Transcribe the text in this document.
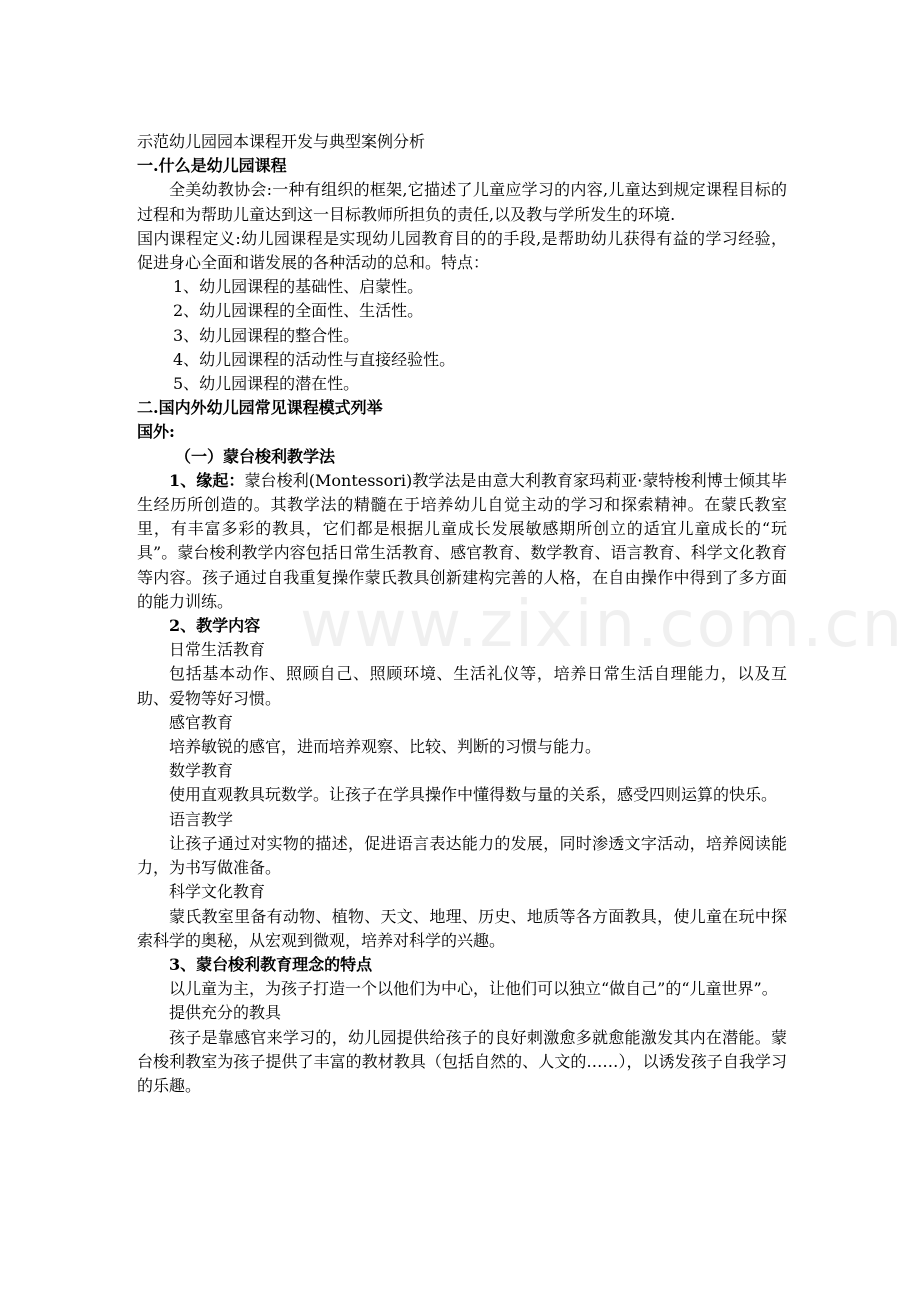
示范幼儿园园本课程开发与典型案例分析

一.什么是幼儿园课程

全美幼教协会:一种有组织的框架,它描述了儿童应学习的内容,儿童达到规定课程目标的过程和为帮助儿童达到这一目标教师所担负的责任,以及教与学所发生的环境.

国内课程定义:幼儿园课程是实现幼儿园教育目的的手段,是帮助幼儿获得有益的学习经验，促进身心全面和谐发展的各种活动的总和。特点：

1、幼儿园课程的基础性、启蒙性。

2、幼儿园课程的全面性、生活性。

3、幼儿园课程的整合性。

4、幼儿园课程的活动性与直接经验性。

5、幼儿园课程的潜在性。

二.国内外幼儿园常见课程模式列举

国外:

（一）蒙台梭利教学法

1、缘起：蒙台梭利(Montessori)教学法是由意大利教育家玛莉亚·蒙特梭利博士倾其毕生经历所创造的。其教学法的精髓在于培养幼儿自觉主动的学习和探索精神。在蒙氏教室里，有丰富多彩的教具，它们都是根据儿童成长发展敏感期所创立的适宜儿童成长的“玩具”。蒙台梭利教学内容包括日常生活教育、感官教育、数学教育、语言教育、科学文化教育等内容。孩子通过自我重复操作蒙氏教具创新建构完善的人格，在自由操作中得到了多方面的能力训练。

2、教学内容

日常生活教育

包括基本动作、照顾自己、照顾环境、生活礼仪等，培养日常生活自理能力，以及互助、爱物等好习惯。

感官教育

培养敏锐的感官，进而培养观察、比较、判断的习惯与能力。

数学教育

使用直观教具玩数学。让孩子在学具操作中懂得数与量的关系，感受四则运算的快乐。

语言教学

让孩子通过对实物的描述，促进语言表达能力的发展，同时渗透文字活动，培养阅读能力，为书写做准备。

科学文化教育

蒙氏教室里备有动物、植物、天文、地理、历史、地质等各方面教具，使儿童在玩中探索科学的奥秘，从宏观到微观，培养对科学的兴趣。

3、蒙台梭利教育理念的特点

以儿童为主，为孩子打造一个以他们为中心，让他们可以独立“做自己”的“儿童世界”。

提供充分的教具

孩子是靠感官来学习的，幼儿园提供给孩子的良好刺激愈多就愈能激发其内在潜能。蒙台梭利教室为孩子提供了丰富的教材教具（包括自然的、人文的……），以诱发孩子自我学习的乐趣。

www.zixin.com.cn
